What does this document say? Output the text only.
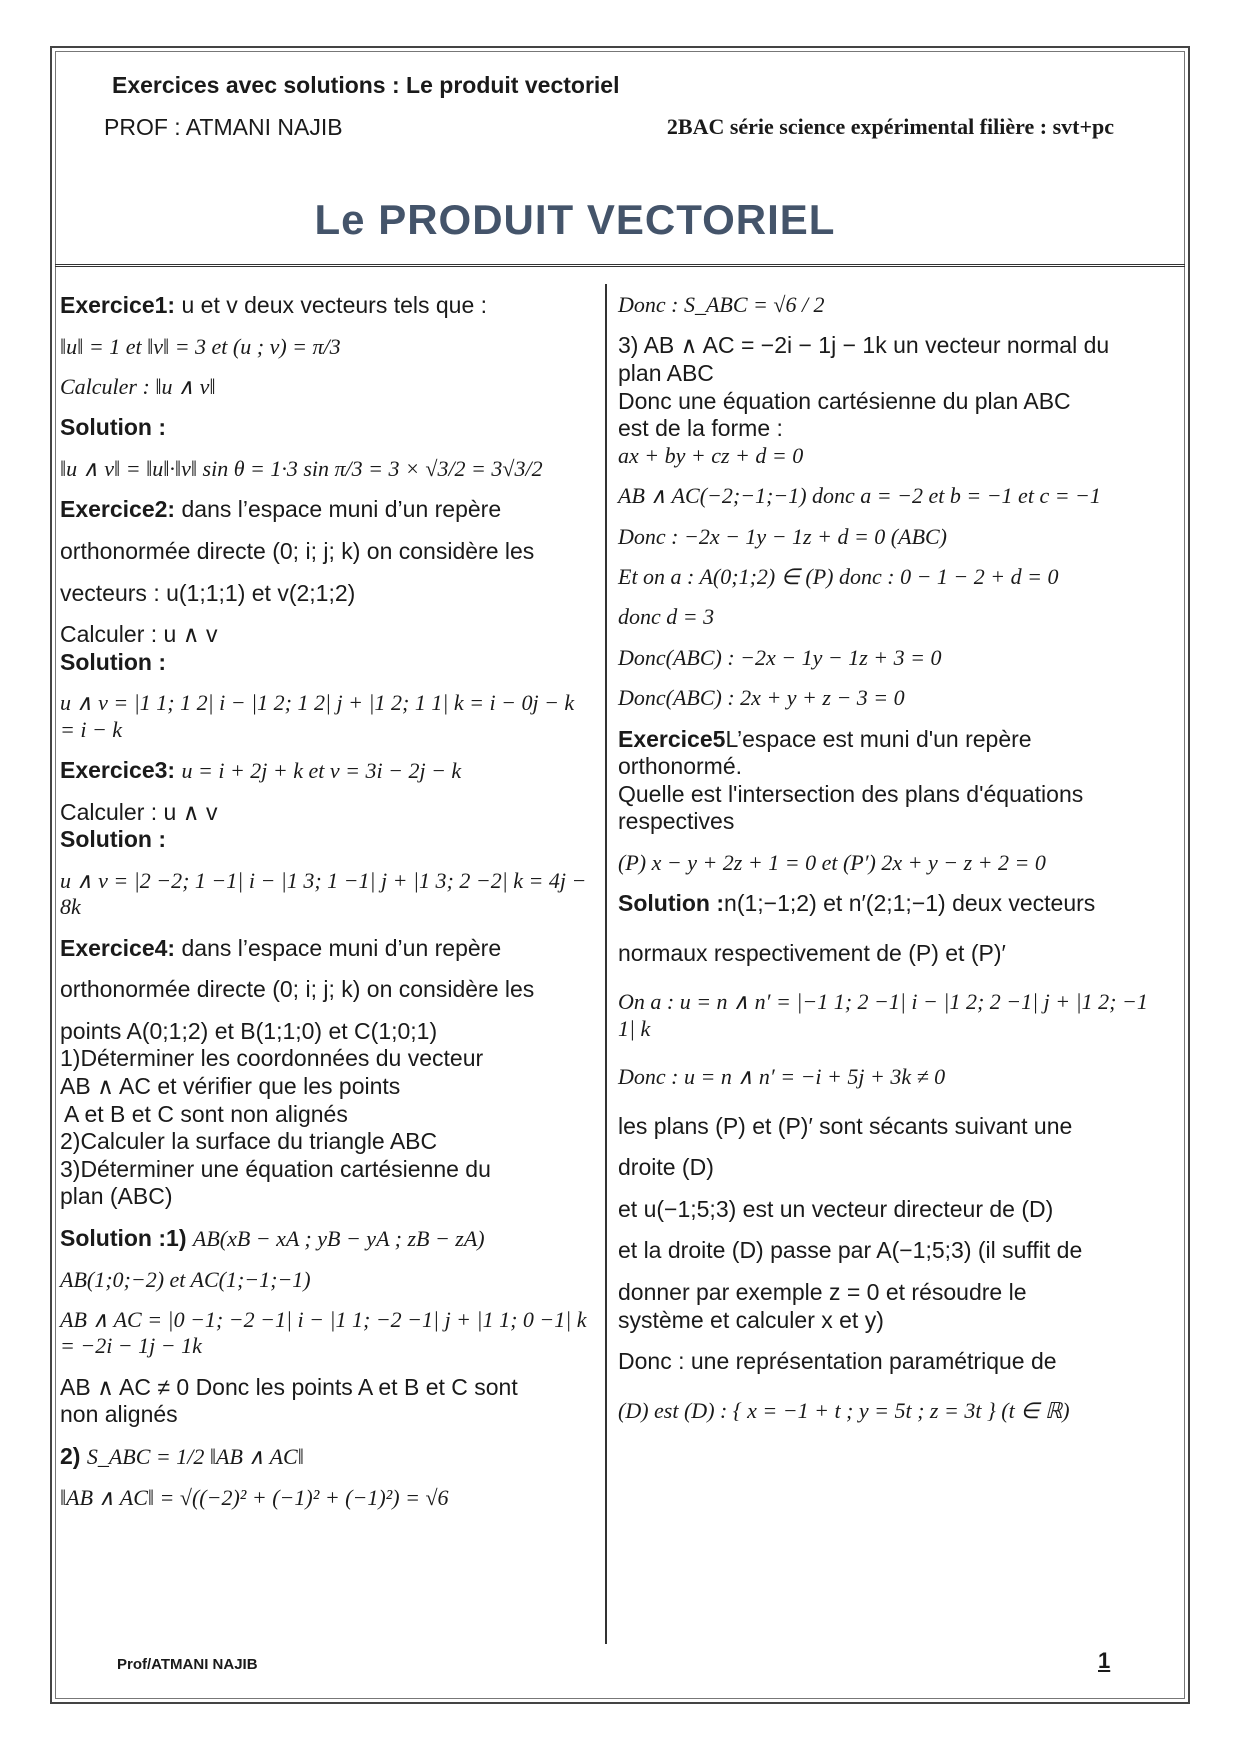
Exercices avec solutions : Le produit vectoriel
PROF : ATMANI NAJIB	2BAC série science expérimental filière : svt+pc
Le PRODUIT VECTORIEL

Exercice1: u et v deux vecteurs tels que :

‖u‖ = 1 et ‖v‖ = 3 et (u ; v) = π/3

Calculer : ‖u ∧ v‖

Solution :

‖u ∧ v‖ = ‖u‖·‖v‖ sin θ = 1·3 sin π/3 = 3 × √3/2 = 3√3/2

Exercice2: dans l’espace muni d’un repère

orthonormée directe (0; i; j; k) on considère les

vecteurs : u(1;1;1) et v(2;1;2)

Calculer : u ∧ v

Solution :

u ∧ v = |1 1; 1 2| i − |1 2; 1 2| j + |1 2; 1 1| k = i − 0j − k = i − k

Exercice3: u = i + 2j + k et v = 3i − 2j − k

Calculer : u ∧ v

Solution :

u ∧ v = |2 −2; 1 −1| i − |1 3; 1 −1| j + |1 3; 2 −2| k = 4j − 8k

Exercice4: dans l’espace muni d’un repère

orthonormée directe (0; i; j; k) on considère les

points A(0;1;2) et B(1;1;0) et C(1;0;1)

1)Déterminer les coordonnées du vecteur

AB ∧ AC et vérifier que les points

A et B et C sont non alignés

2)Calculer la surface du triangle ABC

3)Déterminer une équation cartésienne du

plan (ABC)

Solution :1) AB(xB − xA ; yB − yA ; zB − zA)

AB(1;0;−2) et AC(1;−1;−1)

AB ∧ AC = |0 −1; −2 −1| i − |1 1; −2 −1| j + |1 1; 0 −1| k = −2i − 1j − 1k

AB ∧ AC ≠ 0 Donc les points A et B et C sont

non alignés

2) S_ABC = 1/2 ‖AB ∧ AC‖

‖AB ∧ AC‖ = √((−2)² + (−1)² + (−1)²) = √6

Donc : S_ABC = √6 / 2

3) AB ∧ AC = −2i − 1j − 1k un vecteur normal du

plan ABC

Donc une équation cartésienne du plan ABC

est de la forme :

ax + by + cz + d = 0

AB ∧ AC(−2;−1;−1) donc a = −2 et b = −1 et c = −1

Donc : −2x − 1y − 1z + d = 0 (ABC)

Et on a : A(0;1;2) ∈ (P) donc : 0 − 1 − 2 + d = 0

donc d = 3

Donc(ABC) : −2x − 1y − 1z + 3 = 0

Donc(ABC) : 2x + y + z − 3 = 0

Exercice5L’espace est muni d'un repère

orthonormé.

Quelle est l'intersection des plans d'équations

respectives

(P) x − y + 2z + 1 = 0 et (P′) 2x + y − z + 2 = 0

Solution :n(1;−1;2) et n′(2;1;−1) deux vecteurs

normaux respectivement de (P) et (P)′

On a : u = n ∧ n′ = |−1 1; 2 −1| i − |1 2; 2 −1| j + |1 2; −1 1| k

Donc : u = n ∧ n′ = −i + 5j + 3k ≠ 0

les plans (P) et (P)′ sont sécants suivant une

droite (D)

et u(−1;5;3) est un vecteur directeur de (D)

et la droite (D) passe par A(−1;5;3) (il suffit de

donner par exemple z = 0 et résoudre le

système et calculer x et y)

Donc : une représentation paramétrique de

(D) est (D) : { x = −1 + t ; y = 5t ; z = 3t } (t ∈ ℝ)

Prof/ATMANI NAJIB	1
